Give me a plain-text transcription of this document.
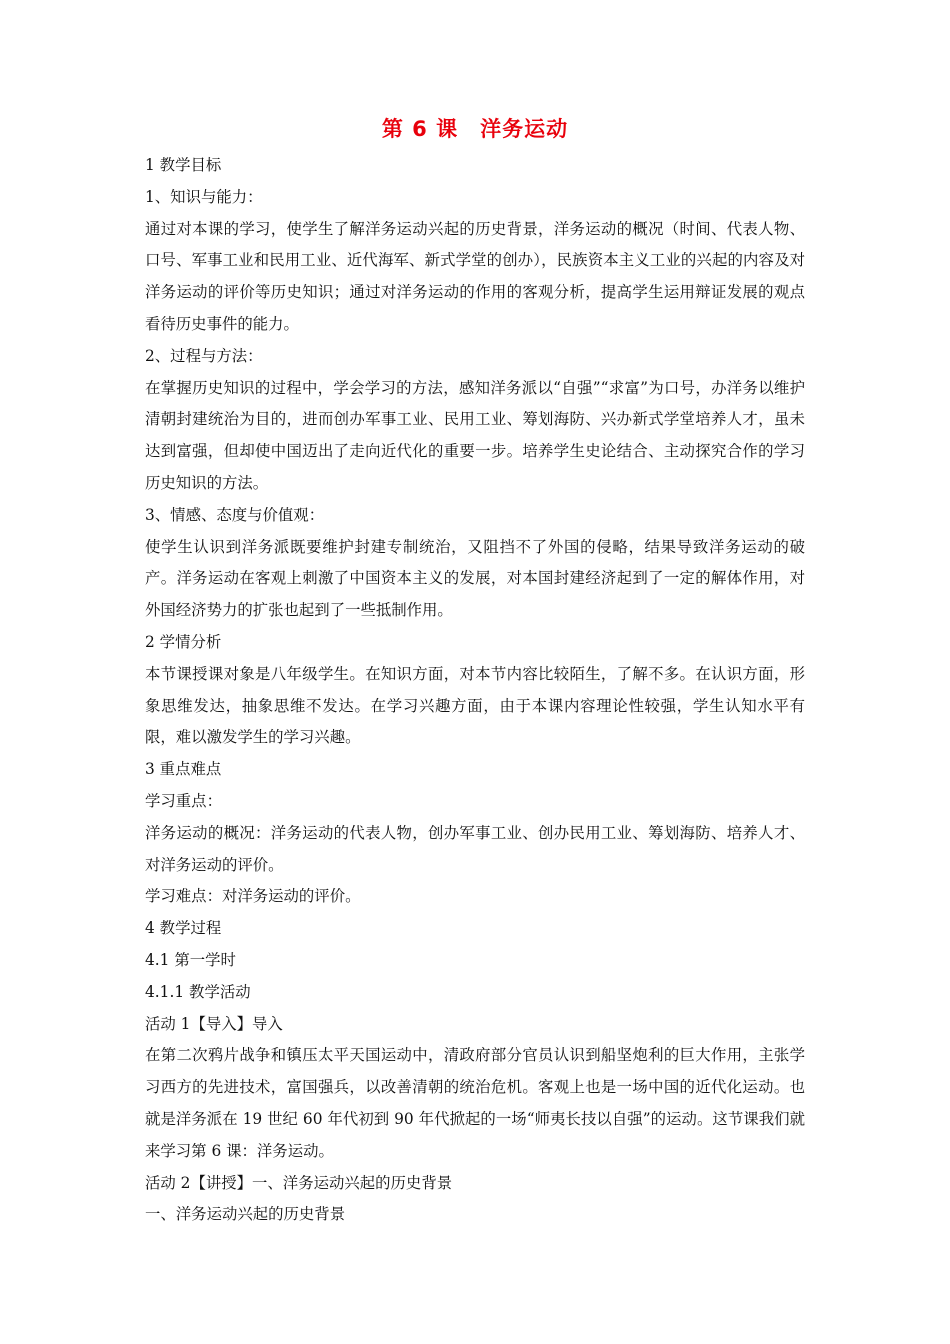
第 6 课　洋务运动

1 教学目标

1、知识与能力：

通过对本课的学习，使学生了解洋务运动兴起的历史背景，洋务运动的概况（时间、代表人物、口号、军事工业和民用工业、近代海军、新式学堂的创办），民族资本主义工业的兴起的内容及对洋务运动的评价等历史知识；通过对洋务运动的作用的客观分析，提高学生运用辩证发展的观点看待历史事件的能力。

2、过程与方法：

在掌握历史知识的过程中，学会学习的方法，感知洋务派以“自强”“求富”为口号，办洋务以维护清朝封建统治为目的，进而创办军事工业、民用工业、筹划海防、兴办新式学堂培养人才，虽未达到富强，但却使中国迈出了走向近代化的重要一步。培养学生史论结合、主动探究合作的学习历史知识的方法。

3、情感、态度与价值观：

使学生认识到洋务派既要维护封建专制统治，又阻挡不了外国的侵略，结果导致洋务运动的破产。洋务运动在客观上刺激了中国资本主义的发展，对本国封建经济起到了一定的解体作用，对外国经济势力的扩张也起到了一些抵制作用。

2 学情分析

本节课授课对象是八年级学生。在知识方面，对本节内容比较陌生，了解不多。在认识方面，形象思维发达，抽象思维不发达。在学习兴趣方面，由于本课内容理论性较强，学生认知水平有限，难以激发学生的学习兴趣。

3 重点难点

学习重点：

洋务运动的概况：洋务运动的代表人物，创办军事工业、创办民用工业、筹划海防、培养人才、对洋务运动的评价。

学习难点：对洋务运动的评价。

4 教学过程

4.1 第一学时

4.1.1 教学活动

活动 1【导入】导入

在第二次鸦片战争和镇压太平天国运动中，清政府部分官员认识到船坚炮利的巨大作用，主张学习西方的先进技术，富国强兵，以改善清朝的统治危机。客观上也是一场中国的近代化运动。也就是洋务派在 19 世纪 60 年代初到 90 年代掀起的一场“师夷长技以自强”的运动。这节课我们就来学习第 6 课：洋务运动。

活动 2【讲授】一、洋务运动兴起的历史背景

一、洋务运动兴起的历史背景
